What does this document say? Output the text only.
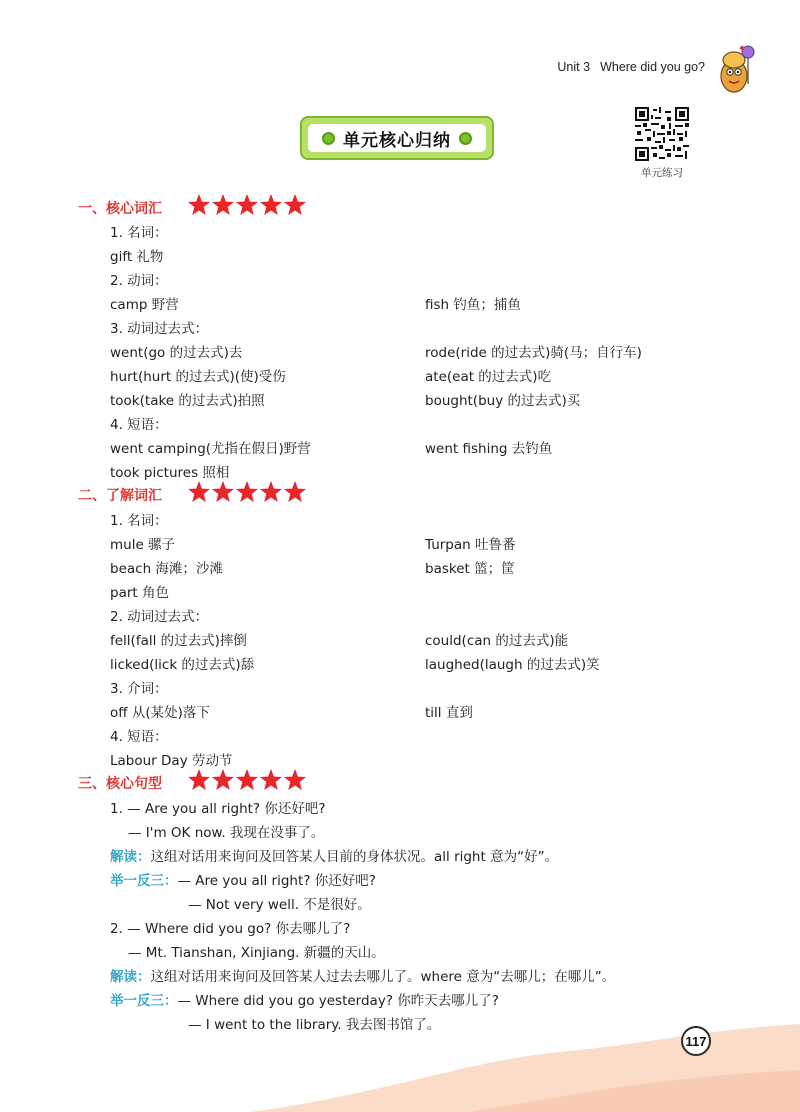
Unit 3 Where did you go?
单元核心归纳
单元练习
一、核心词汇
1. 名词：
gift 礼物
2. 动词：
camp 野营	fish 钓鱼；捕鱼
3. 动词过去式：
went(go 的过去式)去	rode(ride 的过去式)骑(马；自行车)
hurt(hurt 的过去式)(使)受伤	ate(eat 的过去式)吃
took(take 的过去式)拍照	bought(buy 的过去式)买
4. 短语：
went camping(尤指在假日)野营	went fishing 去钓鱼
took pictures 照相
二、了解词汇
1. 名词：
mule 骡子	Turpan 吐鲁番
beach 海滩；沙滩	basket 篮；筐
part 角色
2. 动词过去式：
fell(fall 的过去式)摔倒	could(can 的过去式)能
licked(lick 的过去式)舔	laughed(laugh 的过去式)笑
3. 介词：
off 从(某处)落下	till 直到
4. 短语：
Labour Day 劳动节
三、核心句型
1. — Are you all right? 你还好吧?
— I'm OK now. 我现在没事了。
解读：这组对话用来询问及回答某人目前的身体状况。all right 意为“好”。
举一反三：— Are you all right? 你还好吧?
— Not very well. 不是很好。
2. — Where did you go? 你去哪儿了?
— Mt. Tianshan, Xinjiang. 新疆的天山。
解读：这组对话用来询问及回答某人过去去哪儿了。where 意为“去哪儿；在哪儿”。
举一反三：— Where did you go yesterday? 你昨天去哪儿了?
— I went to the library. 我去图书馆了。
117
